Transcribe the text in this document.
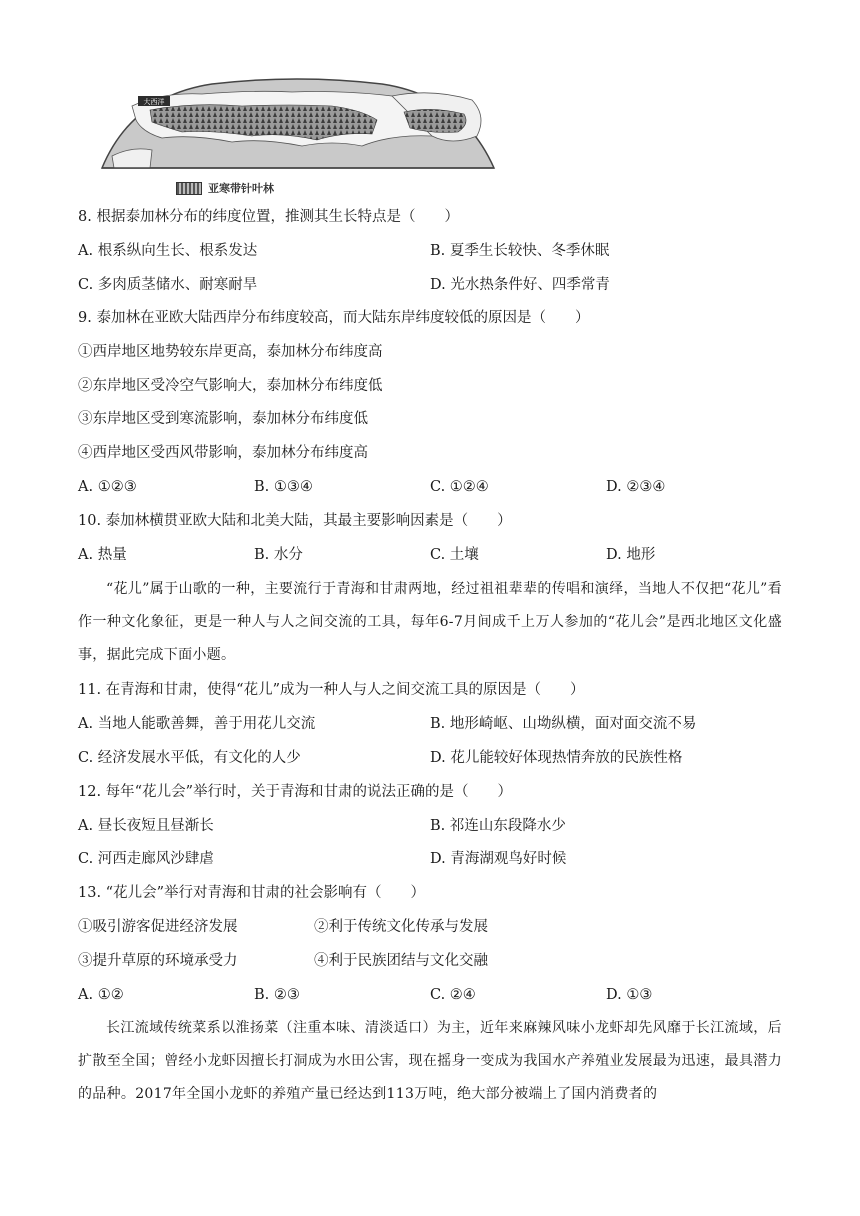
大西洋
亚寒带针叶林
8. 根据泰加林分布的纬度位置，推测其生长特点是（　　）
A. 根系纵向生长、根系发达	B. 夏季生长较快、冬季休眠
C. 多肉质茎储水、耐寒耐旱	D. 光水热条件好、四季常青
9. 泰加林在亚欧大陆西岸分布纬度较高，而大陆东岸纬度较低的原因是（　　）
①西岸地区地势较东岸更高，泰加林分布纬度高
②东岸地区受冷空气影响大，泰加林分布纬度低
③东岸地区受到寒流影响，泰加林分布纬度低
④西岸地区受西风带影响，泰加林分布纬度高
A. ①②③	B. ①③④	C. ①②④	D. ②③④
10. 泰加林横贯亚欧大陆和北美大陆，其最主要影响因素是（　　）
A. 热量	B. 水分	C. 土壤	D. 地形
“花儿”属于山歌的一种，主要流行于青海和甘肃两地，经过祖祖辈辈的传唱和演绎，当地人不仅把“花儿”看作一种文化象征，更是一种人与人之间交流的工具，每年6-7月间成千上万人参加的“花儿会”是西北地区文化盛事，据此完成下面小题。
11. 在青海和甘肃，使得“花儿”成为一种人与人之间交流工具的原因是（　　）
A. 当地人能歌善舞，善于用花儿交流	B. 地形崎岖、山坳纵横，面对面交流不易
C. 经济发展水平低，有文化的人少	D. 花儿能较好体现热情奔放的民族性格
12. 每年“花儿会”举行时，关于青海和甘肃的说法正确的是（　　）
A. 昼长夜短且昼渐长	B. 祁连山东段降水少
C. 河西走廊风沙肆虐	D. 青海湖观鸟好时候
13. “花儿会”举行对青海和甘肃的社会影响有（　　）
①吸引游客促进经济发展	②利于传统文化传承与发展
③提升草原的环境承受力	④利于民族团结与文化交融
A. ①②	B. ②③	C. ②④	D. ①③
长江流域传统菜系以淮扬菜（注重本味、清淡适口）为主，近年来麻辣风味小龙虾却先风靡于长江流域，后扩散至全国；曾经小龙虾因擅长打洞成为水田公害，现在摇身一变成为我国水产养殖业发展最为迅速，最具潜力的品种。2017年全国小龙虾的养殖产量已经达到113万吨，绝大部分被端上了国内消费者的
